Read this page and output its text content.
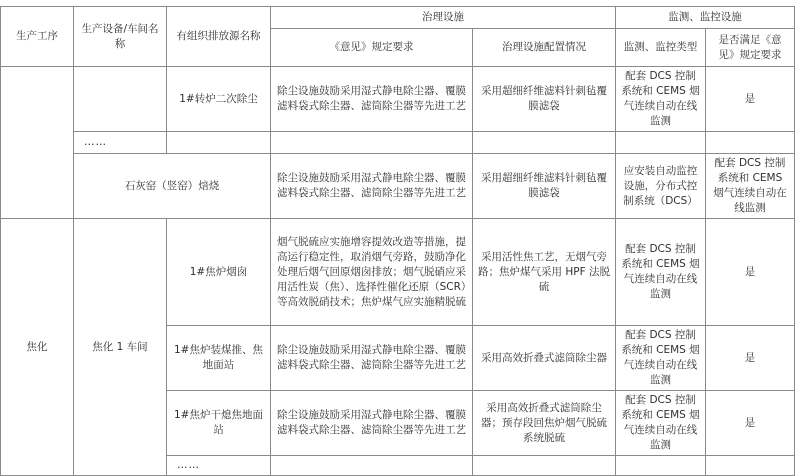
生产工序	生产设备/车间名称	有组织排放源名称	治理设施		监测、监控设施	
			《意见》规定要求	治理设施配置情况	监测、监控类型	是否满足《意见》规定要求
		1#转炉二次除尘	除尘设施鼓励采用湿式静电除尘器、覆膜滤料袋式除尘器、滤筒除尘器等先进工艺	采用超细纤维滤料针刺毡覆膜滤袋	配套 DCS 控制系统和 CEMS 烟气连续自动在线监测	是
	……					
	石灰窑（竖窑）焙烧		除尘设施鼓励采用湿式静电除尘器、覆膜滤料袋式除尘器、滤筒除尘器等先进工艺	采用超细纤维滤料针刺毡覆膜滤袋	应安装自动监控设施，分布式控制系统（DCS）	配套 DCS 控制系统和 CEMS 烟气连续自动在线监测
焦化	焦化 1 车间	1#焦炉烟囱	烟气脱硫应实施增容提效改造等措施，提高运行稳定性，取消烟气旁路，鼓励净化处理后烟气回原烟囱排放；烟气脱硝应采用活性炭（焦）、选择性催化还原（SCR）等高效脱硝技术；焦炉煤气应实施精脱硫	采用活性焦工艺，无烟气旁路；焦炉煤气采用 HPF 法脱硫	配套 DCS 控制系统和 CEMS 烟气连续自动在线监测	是
		1#焦炉装煤推、焦地面站	除尘设施鼓励采用湿式静电除尘器、覆膜滤料袋式除尘器、滤筒除尘器等先进工艺	采用高效折叠式滤筒除尘器	配套 DCS 控制系统和 CEMS 烟气连续自动在线监测	是
		1#焦炉干熄焦地面站	除尘设施鼓励采用湿式静电除尘器、覆膜滤料袋式除尘器、滤筒除尘器等先进工艺	采用高效折叠式滤筒除尘器；预存段回焦炉烟气脱硫系统脱硫	配套 DCS 控制系统和 CEMS 烟气连续自动在线监测	是
		……				
